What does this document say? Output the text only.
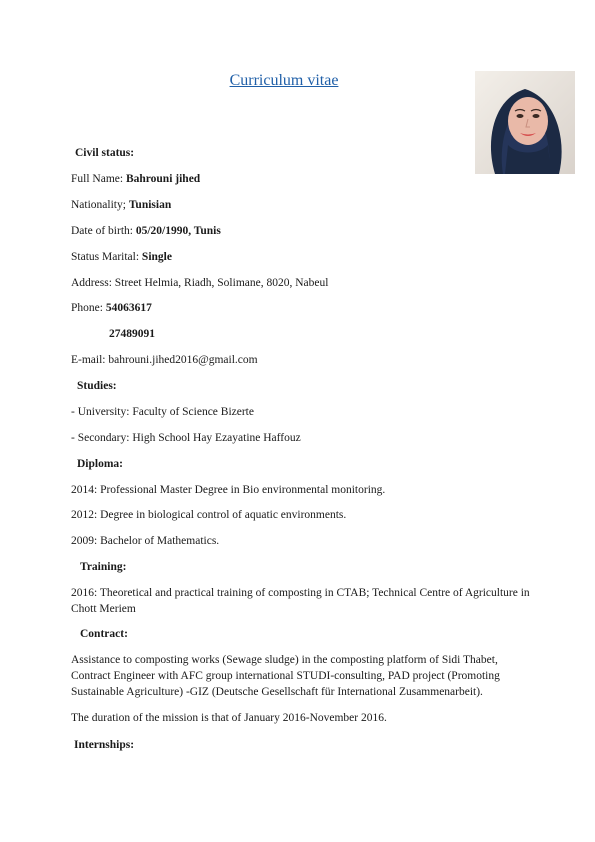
Curriculum vitae
Civil status:
Full Name: Bahrouni jihed
Nationality; Tunisian
Date of birth: 05/20/1990, Tunis
Status Marital: Single
Address: Street Helmia, Riadh, Solimane, 8020, Nabeul
Phone: 54063617
27489091
E-mail: bahrouni.jihed2016@gmail.com
Studies:
- University: Faculty of Science Bizerte
- Secondary: High School Hay Ezayatine Haffouz
Diploma:
2014: Professional Master Degree in Bio environmental monitoring.
2012: Degree in biological control of aquatic environments.
2009: Bachelor of Mathematics.
Training:
2016: Theoretical and practical training of composting in CTAB; Technical Centre of Agriculture in Chott Meriem
Contract:
Assistance to composting works (Sewage sludge) in the composting platform of Sidi Thabet, Contract Engineer with AFC group international STUDI-consulting, PAD project (Promoting Sustainable Agriculture) -GIZ (Deutsche Gesellschaft für International Zusammenarbeit).
The duration of the mission is that of January 2016-November 2016.
Internships:
